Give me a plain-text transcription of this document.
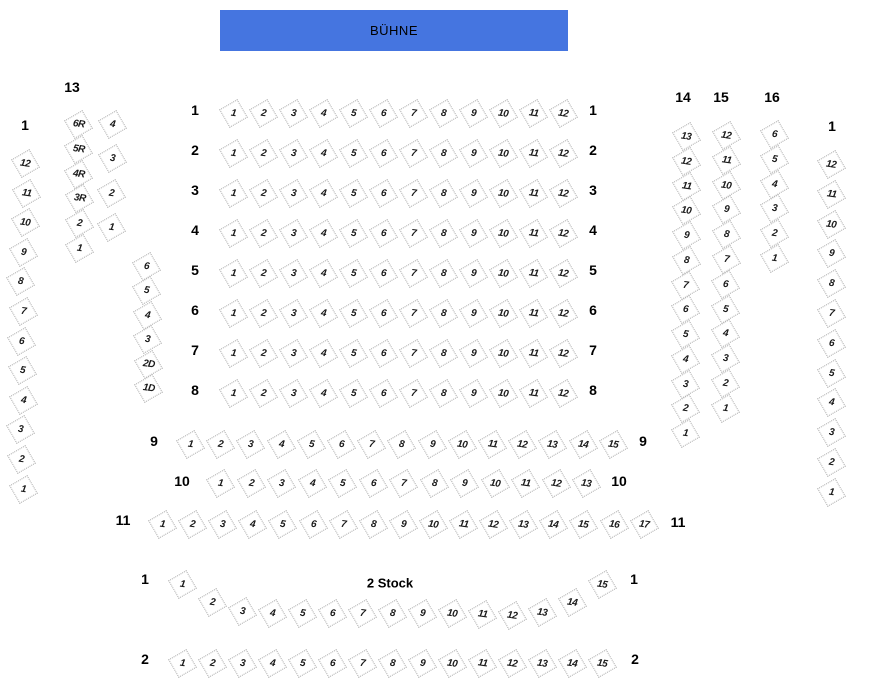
BÜHNE
1
12
11
10
9
8
7
6
5
4
3
2
1
13
6R
5R
4R
3R
2
1
4
3
2
1
6
5
4
3
2D
1D
1	1
1 2 3 4 5 6 7 8 9 10 11 12
2	2
1 2 3 4 5 6 7 8 9 10 11 12
3	3
1 2 3 4 5 6 7 8 9 10 11 12
4	4
1 2 3 4 5 6 7 8 9 10 11 12
5	5
1 2 3 4 5 6 7 8 9 10 11 12
6	6
1 2 3 4 5 6 7 8 9 10 11 12
7	7
1 2 3 4 5 6 7 8 9 10 11 12
8	8
1 2 3 4 5 6 7 8 9 10 11 12
9	9
1 2 3 4 5 6 7 8 9 10 11 12 13 14 15
10	10
1 2 3 4 5 6 7 8 9 10 11 12 13
11	11
1 2 3 4 5 6 7 8 9 10 11 12 13 14 15 16 17
1	1
1
2
3 4 5 6 7 8 9 10 11 12 13
14
15
2	2
1 2 3 4 5 6 7 8 9 10 11 12 13 14 15
14
13
12
11
10
9
8
7
6
5
4
3
2
1
15
12
11
10
9
8
7
6
5
4
3
2
1
16
6
5
4
3
2
1
1
12
11
10
9
8
7
6
5
4
3
2
1
2 Stock
